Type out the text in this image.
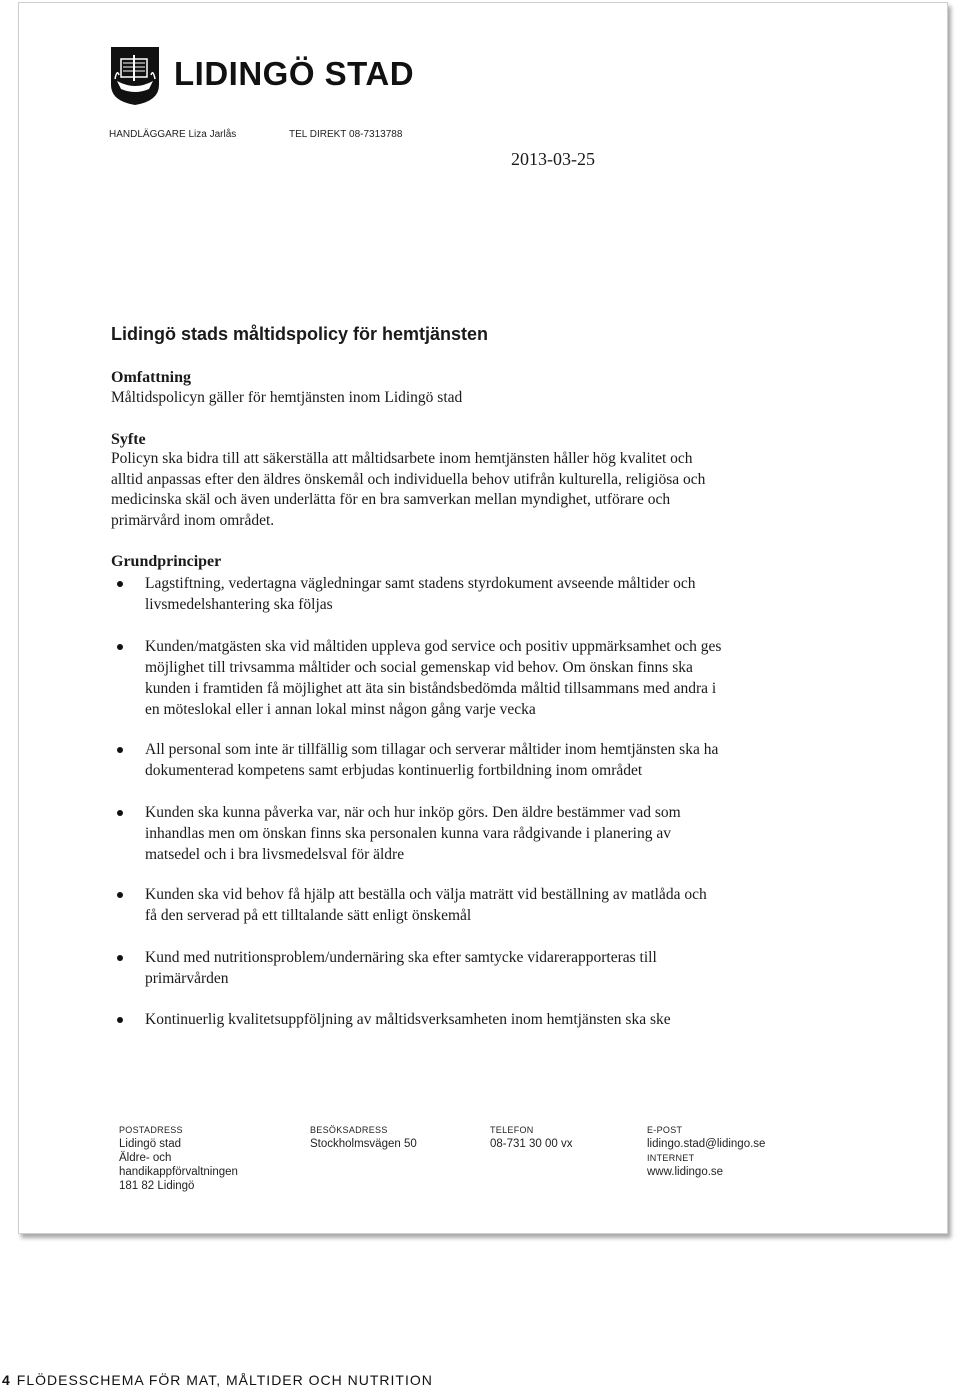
LIDINGÖ STAD
HANDLÄGGARE Liza Jarlås	TEL DIREKT 08-7313788
2013-03-25
Lidingö stads måltidspolicy för hemtjänsten
Omfattning
Måltidspolicyn gäller för hemtjänsten inom Lidingö stad
Syfte
Policyn ska bidra till att säkerställa att måltidsarbete inom hemtjänsten håller hög kvalitet och
alltid anpassas efter den äldres önskemål och individuella behov utifrån kulturella, religiösa och
medicinska skäl och även underlätta för en bra samverkan mellan myndighet, utförare och
primärvård inom området.
Grundprinciper
Lagstiftning, vedertagna vägledningar samt stadens styrdokument avseende måltider och
livsmedelshantering ska följas
Kunden/matgästen ska vid måltiden uppleva god service och positiv uppmärksamhet och ges
möjlighet till trivsamma måltider och social gemenskap vid behov. Om önskan finns ska
kunden i framtiden få möjlighet att äta sin biståndsbedömda måltid tillsammans med andra i
en möteslokal eller i annan lokal minst någon gång varje vecka
All personal som inte är tillfällig som tillagar och serverar måltider inom hemtjänsten ska ha
dokumenterad kompetens samt erbjudas kontinuerlig fortbildning inom området
Kunden ska kunna påverka var, när och hur inköp görs. Den äldre bestämmer vad som
inhandlas men om önskan finns ska personalen kunna vara rådgivande i planering av
matsedel och i bra livsmedelsval för äldre
Kunden ska vid behov få hjälp att beställa och välja maträtt vid beställning av matlåda och
få den serverad på ett tilltalande sätt enligt önskemål
Kund med nutritionsproblem/undernäring ska efter samtycke vidarerapporteras till
primärvården
Kontinuerlig kvalitetsuppföljning av måltidsverksamheten inom hemtjänsten ska ske
POSTADRESS
Lidingö stad
Äldre- och
handikappförvaltningen
181 82 Lidingö
BESÖKSADRESS
Stockholmsvägen 50
TELEFON
08-731 30 00 vx
E-POST
lidingo.stad@lidingo.se
INTERNET
www.lidingo.se
4 FLÖDESSCHEMA FÖR MAT, MÅLTIDER OCH NUTRITION
